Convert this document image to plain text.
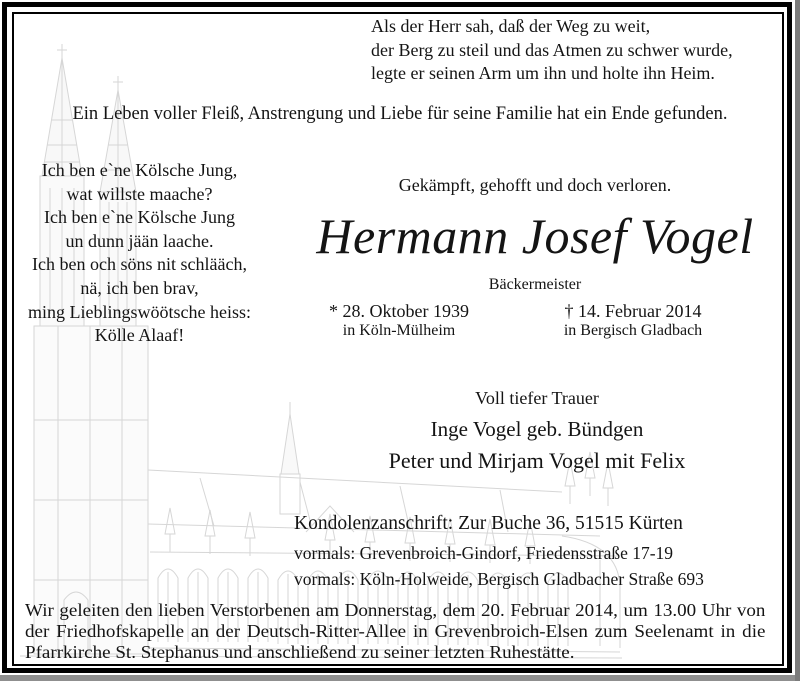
Als der Herr sah, daß der Weg zu weit,
der Berg zu steil und das Atmen zu schwer wurde,
legte er seinen Arm um ihn und holte ihn Heim.
Ein Leben voller Fleiß, Anstrengung und Liebe für seine Familie hat ein Ende gefunden.
Ich ben e`ne Kölsche Jung,
wat willste maache?
Ich ben e`ne Kölsche Jung
un dunn jään laache.
Ich ben och söns nit schlääch,
nä, ich ben brav,
ming Lieblingswöötsche heiss:
Kölle Alaaf!
Gekämpft, gehofft und doch verloren.
Hermann Josef Vogel
Bäckermeister
* 28. Oktober 1939
in Köln-Mülheim
† 14. Februar 2014
in Bergisch Gladbach
Voll tiefer Trauer
Inge Vogel geb. Bündgen
Peter und Mirjam Vogel mit Felix
Kondolenzanschrift: Zur Buche 36, 51515 Kürten
vormals: Grevenbroich-Gindorf, Friedensstraße 17-19
vormals: Köln-Holweide, Bergisch Gladbacher Straße 693
Wir geleiten den lieben Verstorbenen am Donnerstag, dem 20. Februar 2014, um 13.00 Uhr von der Friedhofskapelle an der Deutsch-Ritter-Allee in Grevenbroich-Elsen zum Seelenamt in die Pfarrkirche St. Stephanus und anschließend zu seiner letzten Ruhestätte.
